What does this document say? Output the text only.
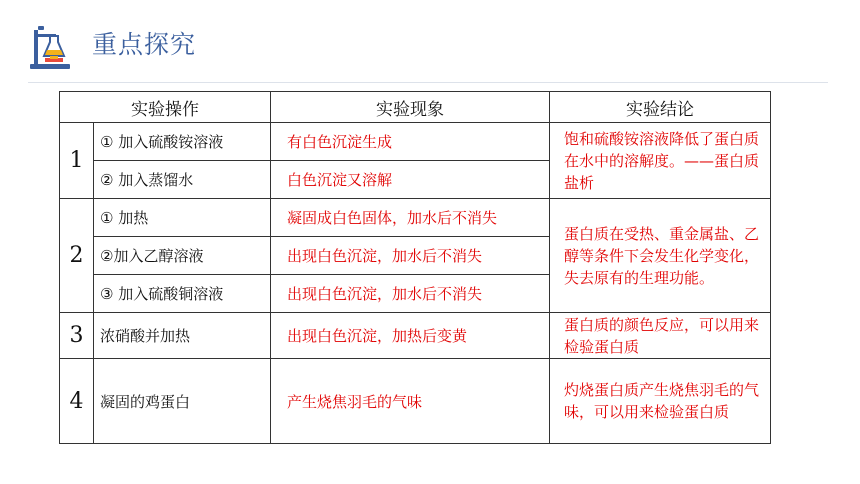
重点探究
实验操作		实验现象	实验结论
1	① 加入硫酸铵溶液	有白色沉淀生成	饱和硫酸铵溶液降低了蛋白质在水中的溶解度。——蛋白质盐析
	② 加入蒸馏水	白色沉淀又溶解	
2	① 加热	凝固成白色固体，加水后不消失	蛋白质在受热、重金属盐、乙醇等条件下会发生化学变化，失去原有的生理功能。
	②加入乙醇溶液	出现白色沉淀，加水后不消失	
	③ 加入硫酸铜溶液	出现白色沉淀，加水后不消失	
3	浓硝酸并加热	出现白色沉淀，加热后变黄	蛋白质的颜色反应，可以用来检验蛋白质
4	凝固的鸡蛋白	产生烧焦羽毛的气味	灼烧蛋白质产生烧焦羽毛的气味，可以用来检验蛋白质
